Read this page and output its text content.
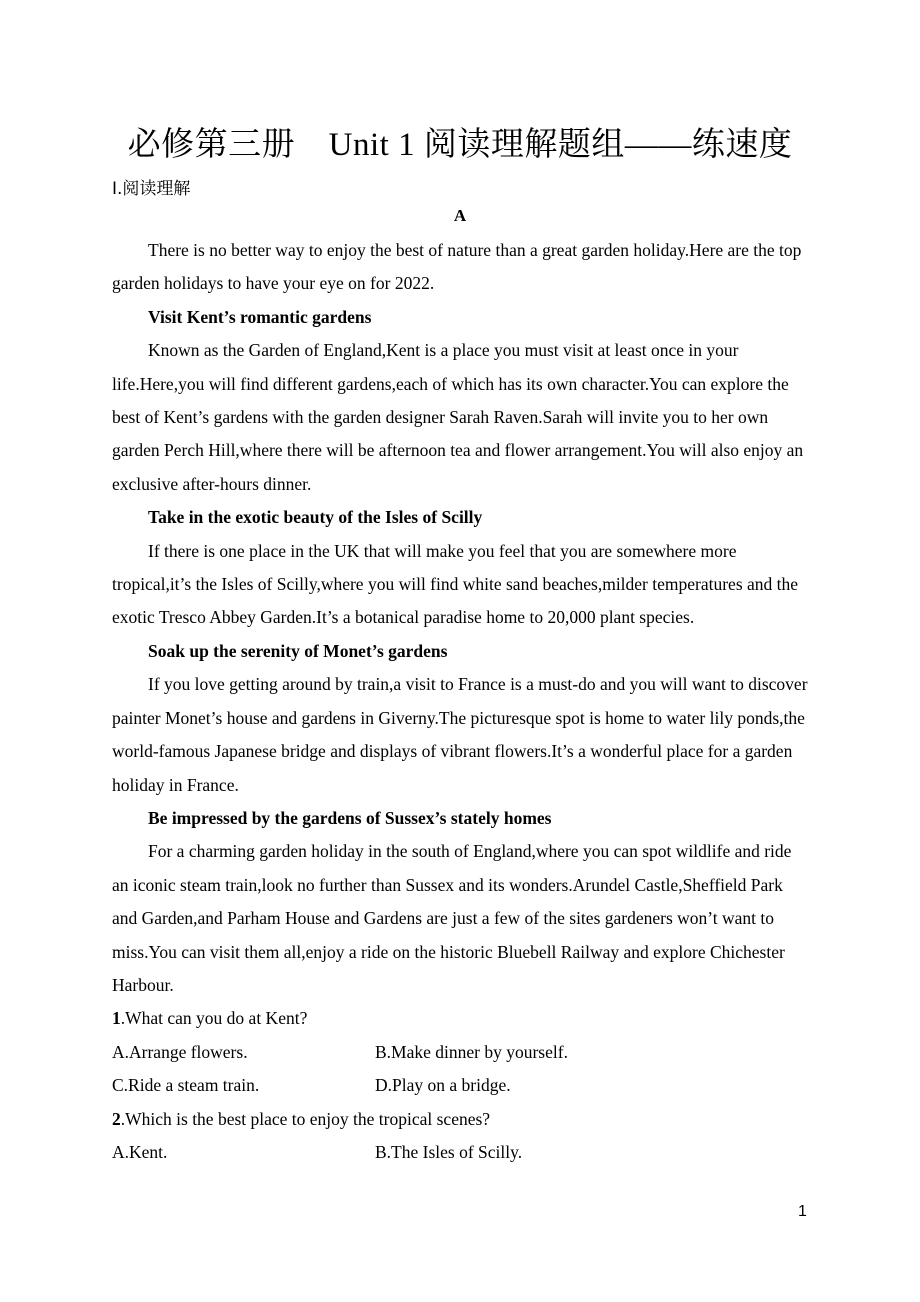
必修第三册　Unit 1 阅读理解题组——练速度
Ⅰ.阅读理解
A

There is no better way to enjoy the best of nature than a great garden holiday.Here are the top garden holidays to have your eye on for 2022.

Visit Kent’s romantic gardens

Known as the Garden of England,Kent is a place you must visit at least once in your life.Here,you will find different gardens,each of which has its own character.You can explore the best of Kent’s gardens with the garden designer Sarah Raven.Sarah will invite you to her own garden Perch Hill,where there will be afternoon tea and flower arrangement.You will also enjoy an exclusive after-hours dinner.

Take in the exotic beauty of the Isles of Scilly

If there is one place in the UK that will make you feel that you are somewhere more tropical,it’s the Isles of Scilly,where you will find white sand beaches,milder temperatures and the exotic Tresco Abbey Garden.It’s a botanical paradise home to 20,000 plant species.

Soak up the serenity of Monet’s gardens

If you love getting around by train,a visit to France is a must-do and you will want to discover painter Monet’s house and gardens in Giverny.The picturesque spot is home to water lily ponds,the world-famous Japanese bridge and displays of vibrant flowers.It’s a wonderful place for a garden holiday in France.

Be impressed by the gardens of Sussex’s stately homes

For a charming garden holiday in the south of England,where you can spot wildlife and ride an iconic steam train,look no further than Sussex and its wonders.Arundel Castle,Sheffield Park and Garden,and Parham House and Gardens are just a few of the sites gardeners won’t want to miss.You can visit them all,enjoy a ride on the historic Bluebell Railway and explore Chichester Harbour.

1.What can you do at Kent?

A.Arrange flowers.	B.Make dinner by yourself.
C.Ride a steam train.	D.Play on a bridge.

2.Which is the best place to enjoy the tropical scenes?

A.Kent.	B.The Isles of Scilly.
1
